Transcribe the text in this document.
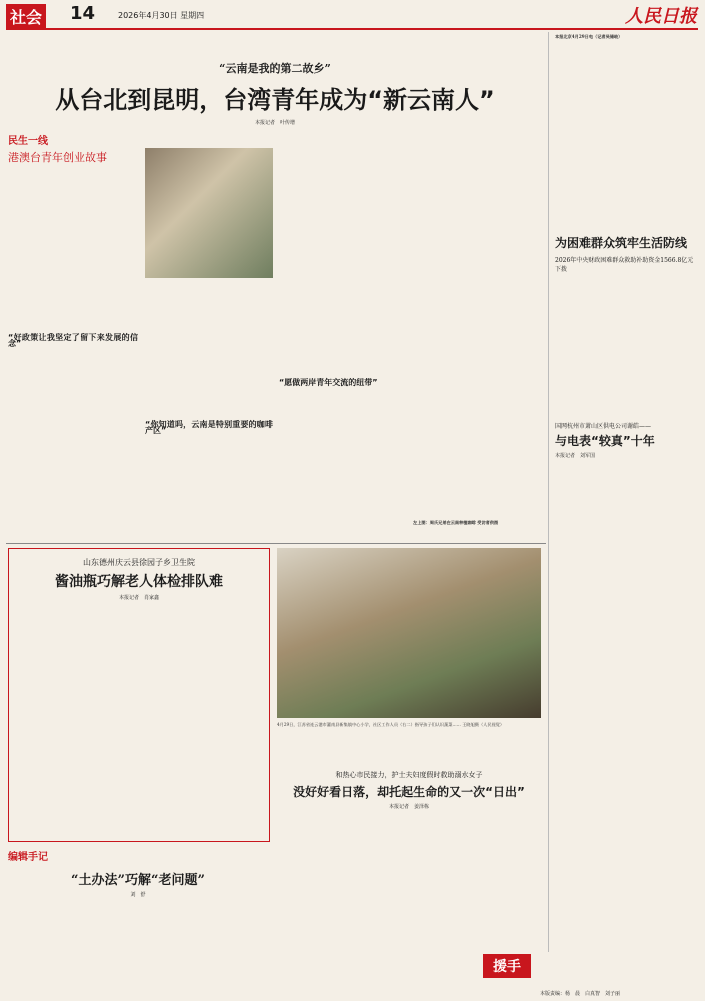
社会 14	2026年4月30日 星期四	人民日报
“云南是我的第二故乡”
从台北到昆明，台湾青年成为“新云南人”
本报记者　叶传增
民生一线
港澳台青年创业故事
“好政策让我坚定了留下来发展的信念”
“你知道吗，云南是特别重要的咖啡产区”
“愿做两岸青年交流的纽带”
左上图：周氏兄弟在云南种植咖啡 受访者供图
本报北京4月29日电（记者吴储岐）
为困难群众筑牢生活防线
2026年中央财政困难群众救助补助资金1566.8亿元下拨
国网杭州市萧山区供电公司谢皓——
与电表“较真”十年
本报记者　刘军国
山东德州庆云县徐园子乡卫生院
酱油瓶巧解老人体检排队难
本报记者　肖家鑫
4月29日，江苏省连云港市灌南县新集镇中心小学，社区工作人员（右二）指导孩子们认识蔬菜…… 王晓旭摄（人民视觉）
编辑手记
“土办法”巧解“老问题”
刘　舒
和热心市民接力，护士夫妇度假时救助溺水女子
没好好看日落，却托起生命的又一次“日出”
本报记者　姜泽栋
援手
本版责编：杨　晨　白真智　刘子丽
